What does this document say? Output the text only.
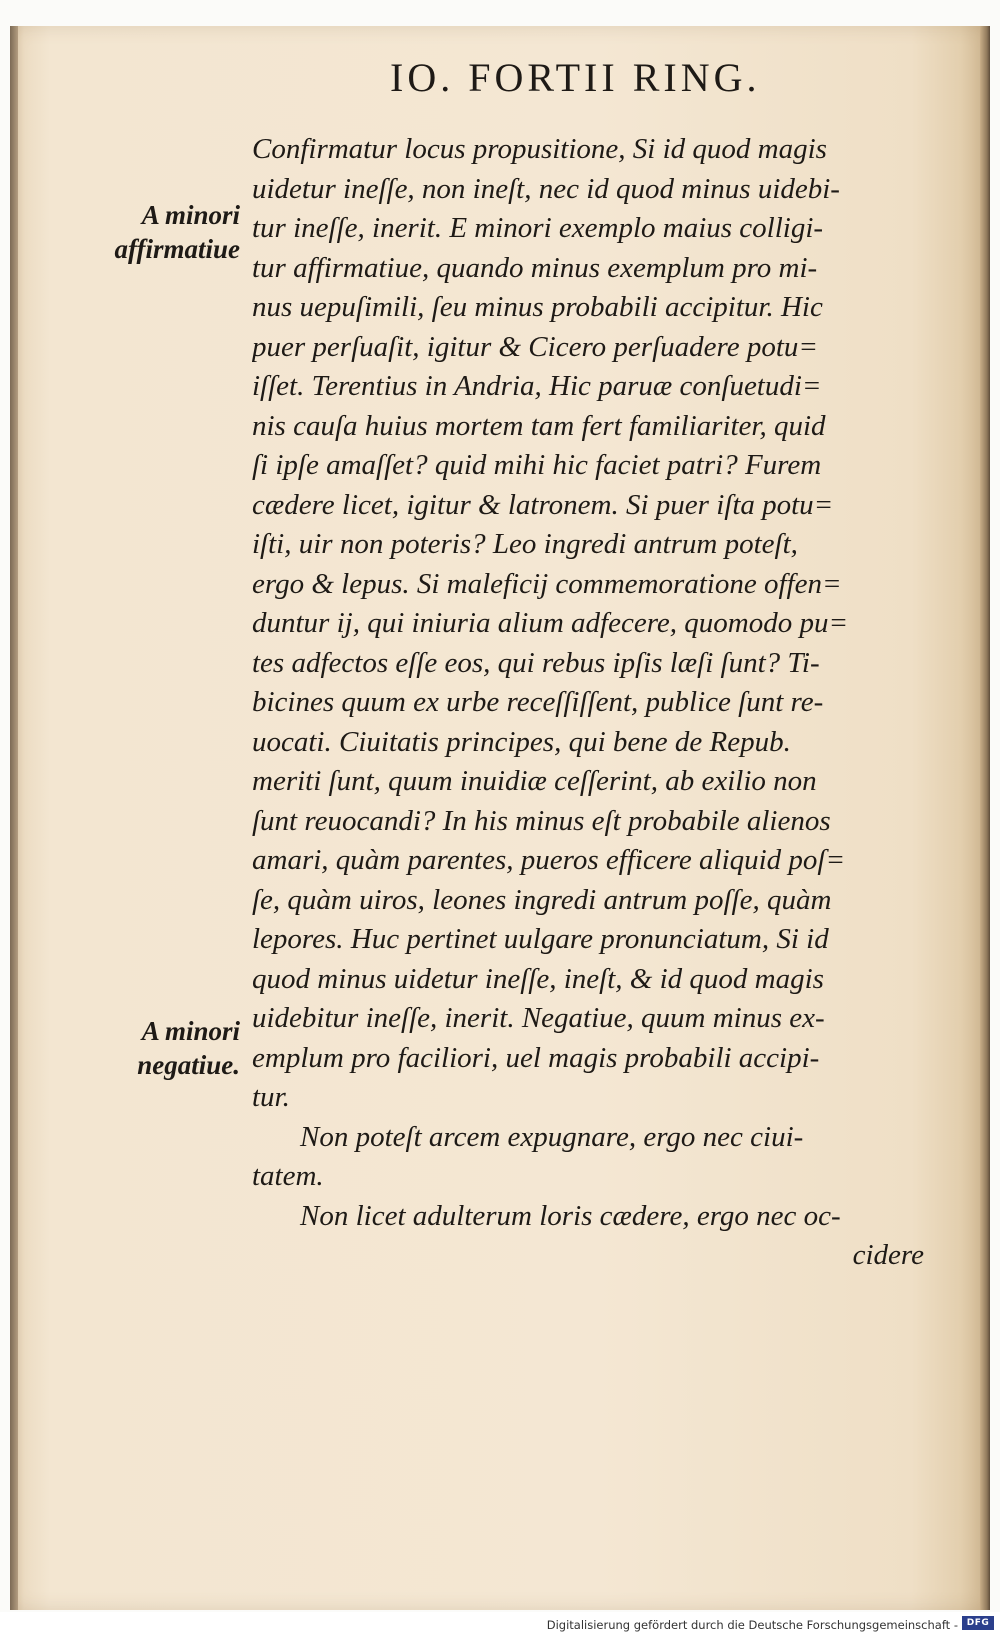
IO. FORTII RING.
A minori
affirmatiue
A minori
negatiue.
Confirmatur locus propusitione, Si id quod magis
uidetur ineſſe, non ineſt, nec id quod minus uidebi-
tur ineſſe, inerit. E minori exemplo maius colligi-
tur affirmatiue, quando minus exemplum pro mi-
nus uериſimili, ſeu minus probabili accipitur. Hic
puer perſuaſit, igitur & Cicero perſuadere potu=
iſſet. Terentius in Andria, Hic paruæ conſuetudi=
nis cauſa huius mortem tam fert familiariter, quid
ſi ipſe amaſſet? quid mihi hic faciet patri? Furem
cædere licet, igitur & latronem. Si puer iſta potu=
iſti, uir non poteris? Leo ingredi antrum poteſt,
ergo & lepus. Si maleficij commemoratione offen=
duntur ij, qui iniuria alium adfecere, quomodo pu=
tes adfectos eſſe eos, qui rebus ipſis læſi ſunt? Ti-
bicines quum ex urbe receſſiſſent, publice ſunt re-
uocati. Ciuitatis principes, qui bene de Repub.
meriti ſunt, quum inuidiæ ceſſerint, ab exilio non
ſunt reuocandi? In his minus eſt probabile alienos
amari, quàm parentes, pueros efficere aliquid poſ=
ſe, quàm uiros, leones ingredi antrum poſſe, quàm
lepores. Huc pertinet uulgare pronunciatum, Si id
quod minus uidetur ineſſe, ineſt, & id quod magis
uidebitur ineſſe, inerit. Negatiue, quum minus ex-
emplum pro faciliori, uel magis probabili accipi-
tur.
Non poteſt arcem expugnare, ergo nec ciui-
tatem.
Non licet adulterum loris cædere, ergo nec oc-
cidere
Digitalisierung gefördert durch die Deutsche Forschungsgemeinschaft - DFG
